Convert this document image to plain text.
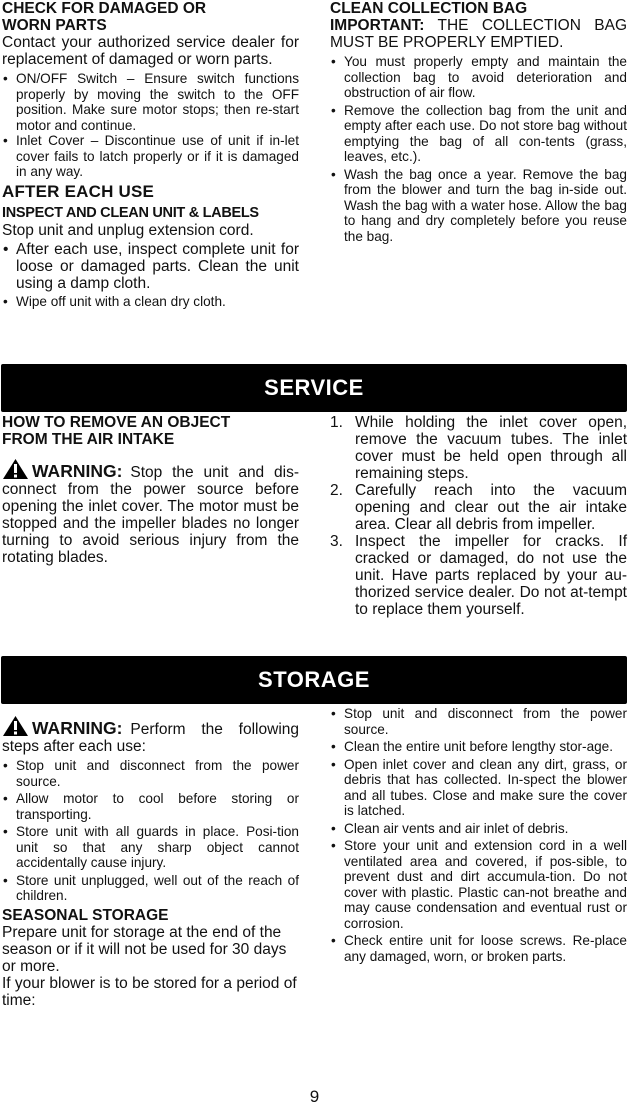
CHECK FOR DAMAGED OR
WORN PARTS
Contact your authorized service dealer for replacement of damaged or worn parts.
• ON/OFF Switch – Ensure switch functions properly by moving the switch to the OFF position. Make sure motor stops; then re-start motor and continue.
• Inlet Cover – Discontinue use of unit if in-let cover fails to latch properly or if it is damaged in any way.
AFTER EACH USE
INSPECT AND CLEAN UNIT & LABELS
Stop unit and unplug extension cord.
• After each use, inspect complete unit for loose or damaged parts. Clean the unit using a damp cloth.
• Wipe off unit with a clean dry cloth.
CLEAN COLLECTION BAG
IMPORTANT: THE COLLECTION BAG MUST BE PROPERLY EMPTIED.
• You must properly empty and maintain the collection bag to avoid deterioration and obstruction of air flow.
• Remove the collection bag from the unit and empty after each use. Do not store bag without emptying the bag of all con-tents (grass, leaves, etc.).
• Wash the bag once a year. Remove the bag from the blower and turn the bag in-side out. Wash the bag with a water hose. Allow the bag to hang and dry completely before you reuse the bag.
SERVICE
HOW TO REMOVE AN OBJECT
FROM THE AIR INTAKE
WARNING: Stop the unit and dis-connect from the power source before opening the inlet cover. The motor must be stopped and the impeller blades no longer turning to avoid serious injury from the rotating blades.
1. While holding the inlet cover open, remove the vacuum tubes. The inlet cover must be held open through all remaining steps.
2. Carefully reach into the vacuum opening and clear out the air intake area. Clear all debris from impeller.
3. Inspect the impeller for cracks. If cracked or damaged, do not use the unit. Have parts replaced by your au-thorized service dealer. Do not at-tempt to replace them yourself.
STORAGE
WARNING: Perform the following steps after each use:
• Stop unit and disconnect from the power source.
• Allow motor to cool before storing or transporting.
• Store unit with all guards in place. Posi-tion unit so that any sharp object cannot accidentally cause injury.
• Store unit unplugged, well out of the reach of children.
SEASONAL STORAGE
Prepare unit for storage at the end of the season or if it will not be used for 30 days or more.
If your blower is to be stored for a period of time:
• Stop unit and disconnect from the power source.
• Clean the entire unit before lengthy stor-age.
• Open inlet cover and clean any dirt, grass, or debris that has collected. In-spect the blower and all tubes. Close and make sure the cover is latched.
• Clean air vents and air inlet of debris.
• Store your unit and extension cord in a well ventilated area and covered, if pos-sible, to prevent dust and dirt accumula-tion. Do not cover with plastic. Plastic can-not breathe and may cause condensation and eventual rust or corrosion.
• Check entire unit for loose screws. Re-place any damaged, worn, or broken parts.
9
